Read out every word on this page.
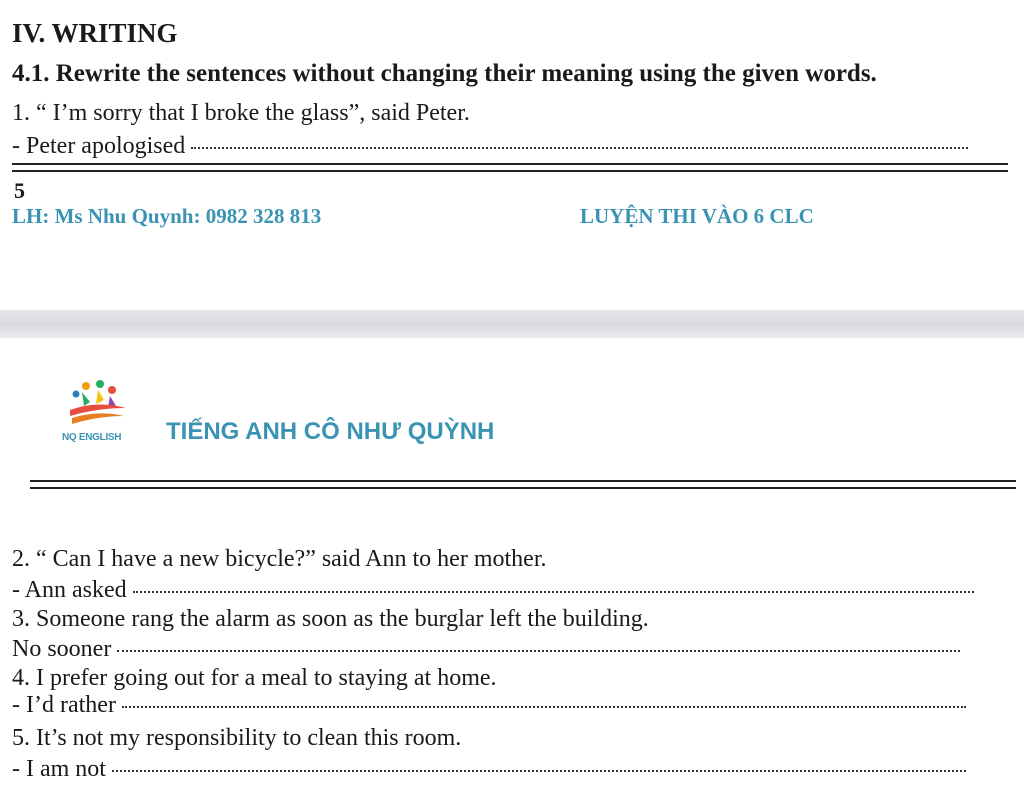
IV. WRITING
4.1. Rewrite the sentences without changing their meaning using the given words.
1. “ I’m sorry that I broke the glass”, said Peter.
- Peter apologised
5
LH: Ms Nhu Quynh: 0982 328 813	LUYỆN THI VÀO 6 CLC
NQ ENGLISH TIẾNG ANH CÔ NHƯ QUỲNH
2. “ Can I have a new bicycle?” said Ann to her mother.
- Ann asked
3. Someone rang the alarm as soon as the burglar left the building.
No sooner
4. I prefer going out for a meal to staying at home.
- I’d rather
5. It’s not my responsibility to clean this room.
- I am not
